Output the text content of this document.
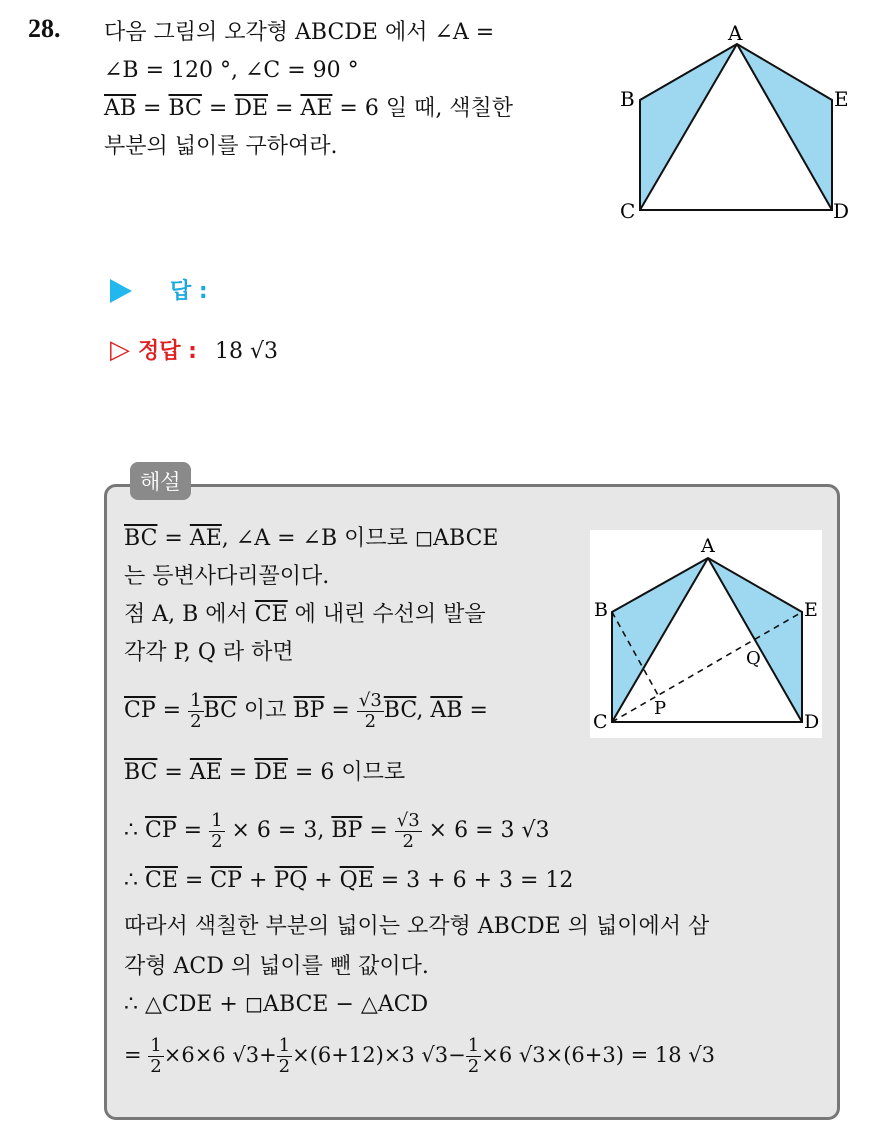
28. 다음 그림의 오각형 ABCDE 에서 ∠A =
∠B = 120 °, ∠C = 90 °
$\overline{AB} = \overline{BC} = \overline{DE} = \overline{AE} = 6$ 일 때, 색칠한
부분의 넓이를 구하여라.
A
B
C	D
E
답 :
▷ 정답 : 18 √3
해설
$\overline{BC} = \overline{AE}$, ∠A = ∠B 이므로 ◻ABCE
는 등변사다리꼴이다.
점 A, B 에서 $\overline{CE}$ 에 내린 수선의 발을
각각 P, Q 라 하면
$\overline{CP} = \frac{1}{2} \overline{BC}$ 이고 $\overline{BP} = \frac{√3}{2} \overline{BC}$, $\overline{AB}$ =
$\overline{BC} = \overline{AE} = \overline{DE} = 6$ 이므로
∴ $\overline{CP} = \frac{1}{2} \times 6 = 3$, $\overline{BP} = \frac{√3}{2} \times 6 = 3$ √3
∴ $\overline{CE} = \overline{CP} + \overline{PQ} + \overline{QE} = 3 + 6 + 3 = 12$
따라서 색칠한 부분의 넓이는 오각형 ABCDE 의 넓이에서 삼
각형 ACD 의 넓이를 뺀 값이다.
∴ △CDE + ◻ABCE − △ACD
= $\frac{1}{2} \times 6\times 6$ $√3+ \frac{1}{2} \times(6+12)\times 3$ $√3- \frac{1}{2} \times 6$ √3×(6+3) = 18 √3
A
B
C	D
E
P
Q
